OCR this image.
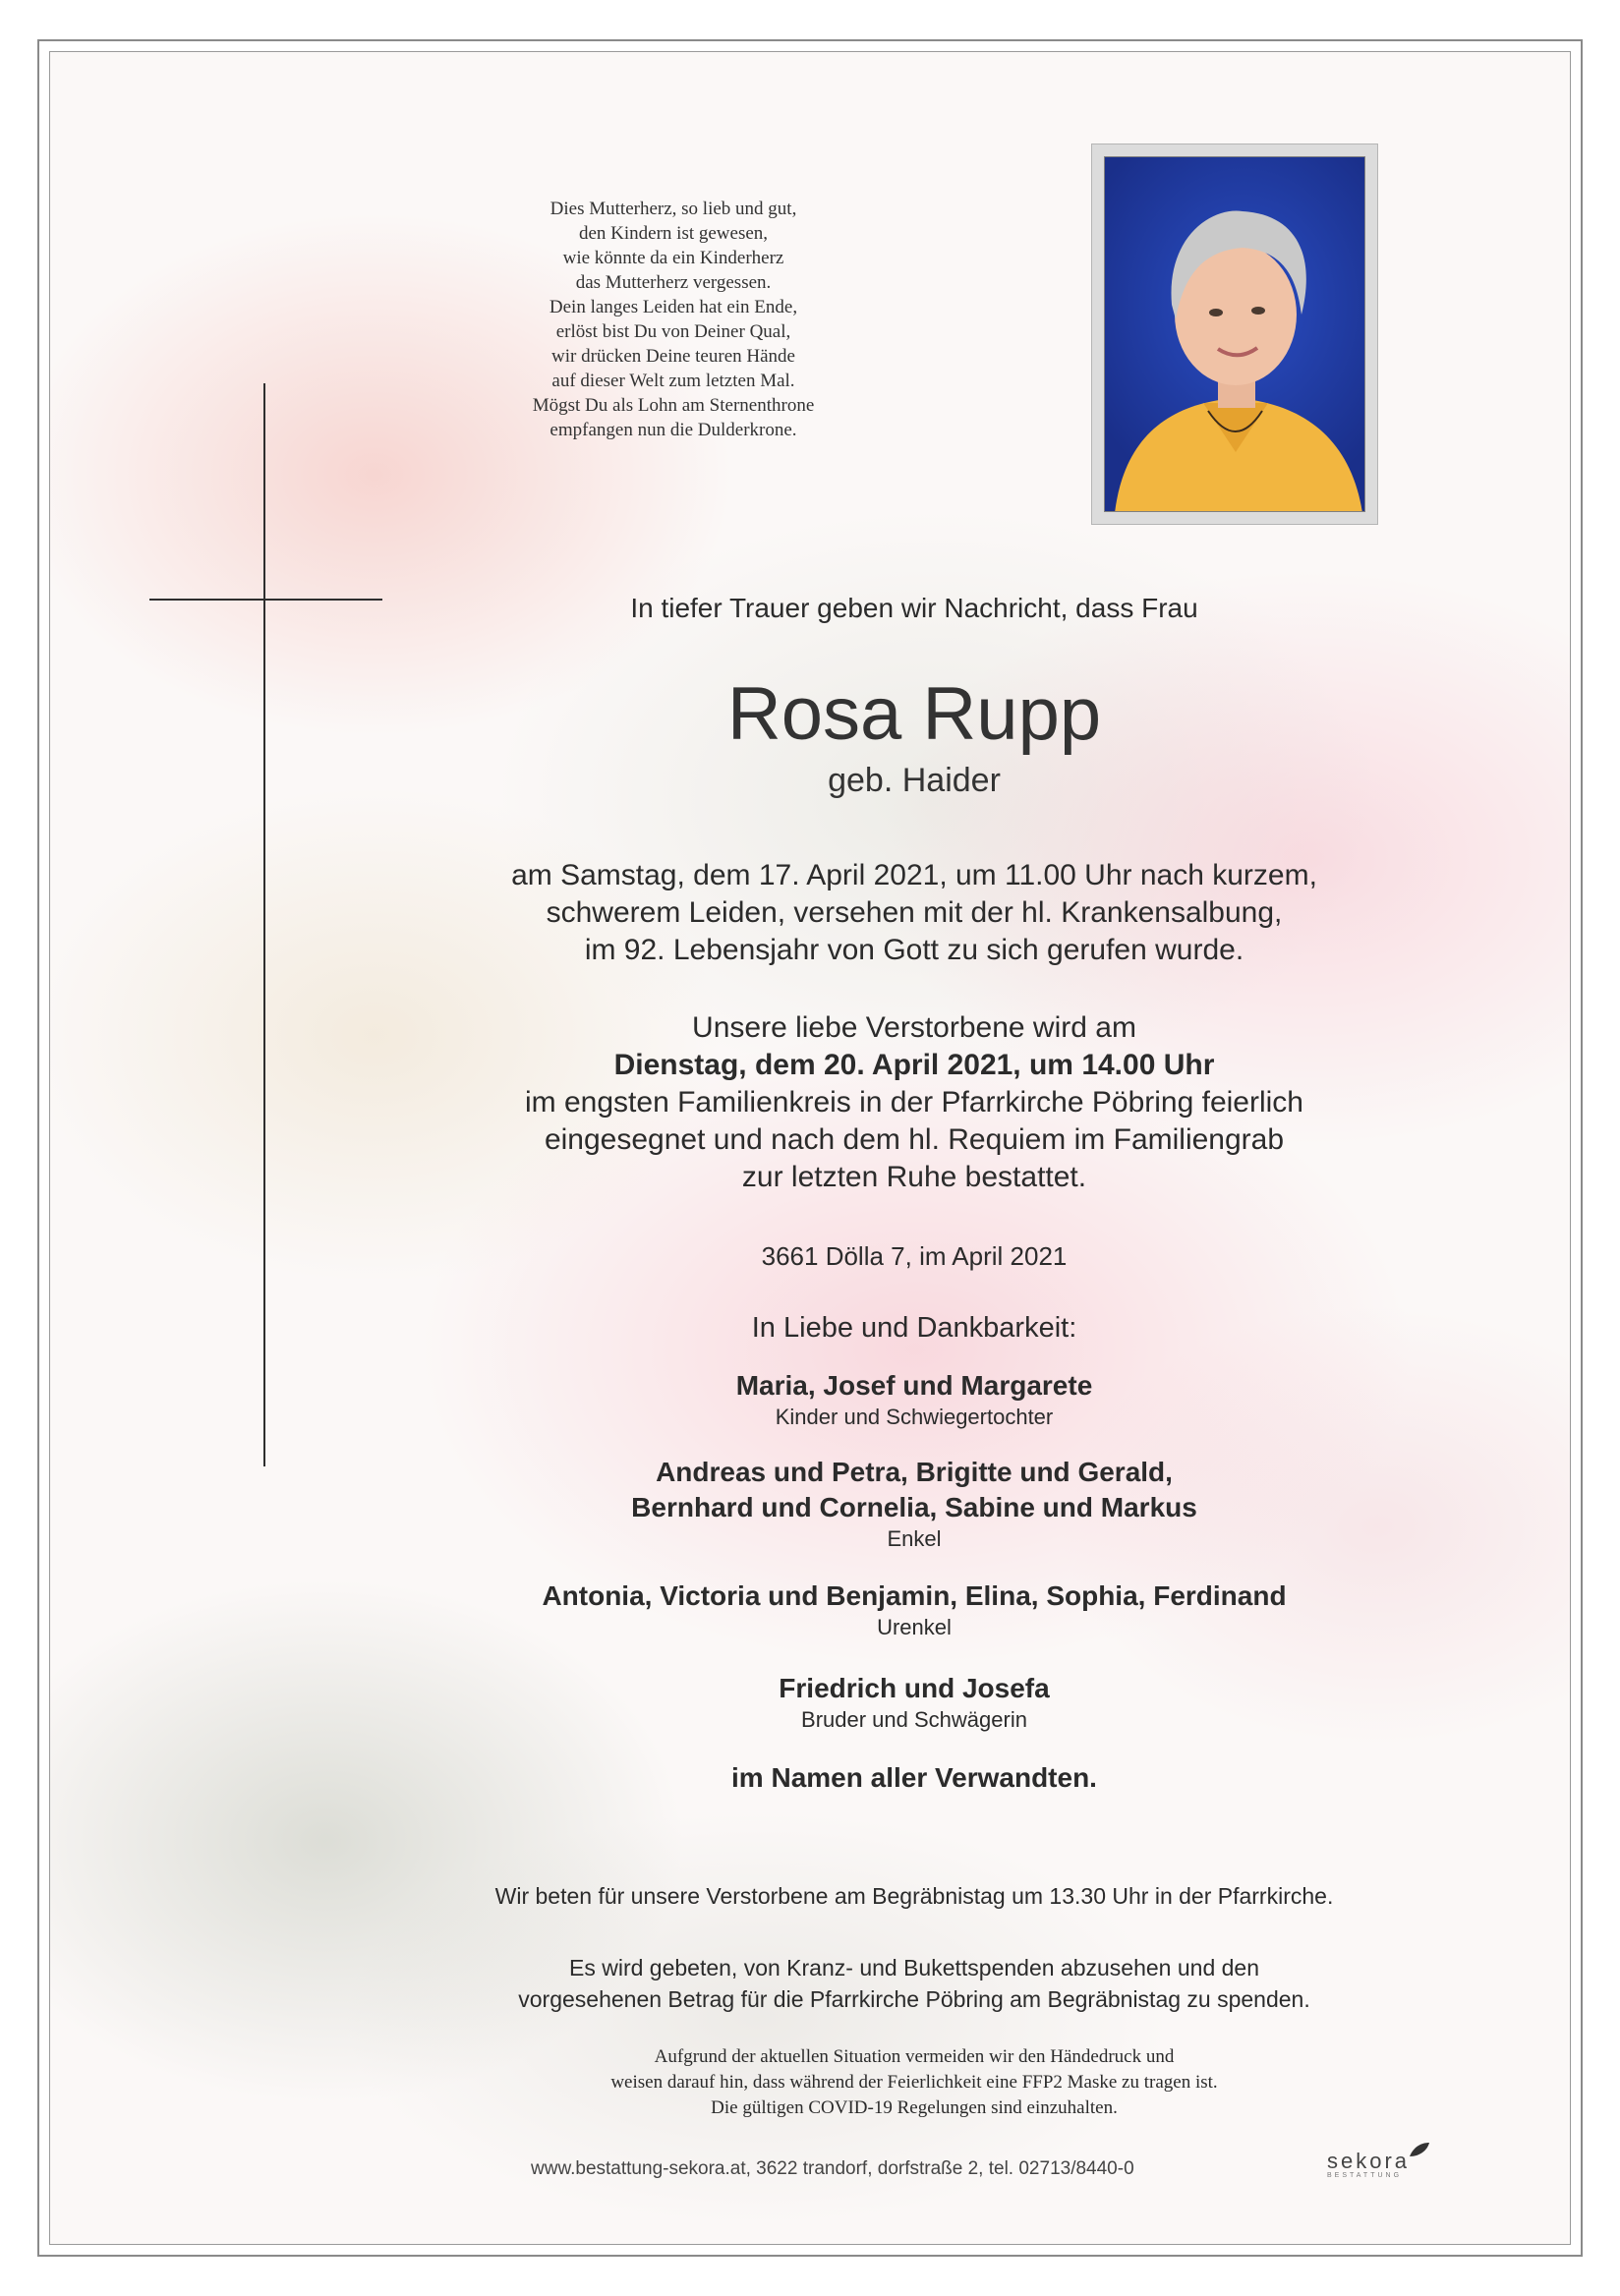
Dies Mutterherz, so lieb und gut,
den Kindern ist gewesen,
wie könnte da ein Kinderherz
das Mutterherz vergessen.
Dein langes Leiden hat ein Ende,
erlöst bist Du von Deiner Qual,
wir drücken Deine teuren Hände
auf dieser Welt zum letzten Mal.
Mögst Du als Lohn am Sternenthrone
empfangen nun die Dulderkrone.
In tiefer Trauer geben wir Nachricht, dass Frau
Rosa Rupp
geb. Haider
am Samstag, dem 17. April 2021, um 11.00 Uhr nach kurzem,
schwerem Leiden, versehen mit der hl. Krankensalbung,
im 92. Lebensjahr von Gott zu sich gerufen wurde.
Unsere liebe Verstorbene wird am
Dienstag, dem 20. April 2021, um 14.00 Uhr
im engsten Familienkreis in der Pfarrkirche Pöbring feierlich
eingesegnet und nach dem hl. Requiem im Familiengrab
zur letzten Ruhe bestattet.
3661 Dölla 7, im April 2021
In Liebe und Dankbarkeit:
Maria, Josef und Margarete
Kinder und Schwiegertochter
Andreas und Petra, Brigitte und Gerald,
Bernhard und Cornelia, Sabine und Markus
Enkel
Antonia, Victoria und Benjamin, Elina, Sophia, Ferdinand
Urenkel
Friedrich und Josefa
Bruder und Schwägerin
im Namen aller Verwandten.
Wir beten für unsere Verstorbene am Begräbnistag um 13.30 Uhr in der Pfarrkirche.
Es wird gebeten, von Kranz- und Bukettspenden abzusehen und den
vorgesehenen Betrag für die Pfarrkirche Pöbring am Begräbnistag zu spenden.
Aufgrund der aktuellen Situation vermeiden wir den Händedruck und
weisen darauf hin, dass während der Feierlichkeit eine FFP2 Maske zu tragen ist.
Die gültigen COVID-19 Regelungen sind einzuhalten.
www.bestattung-sekora.at, 3622 trandorf, dorfstraße 2, tel. 02713/8440-0	sekora
BESTATTUNG
